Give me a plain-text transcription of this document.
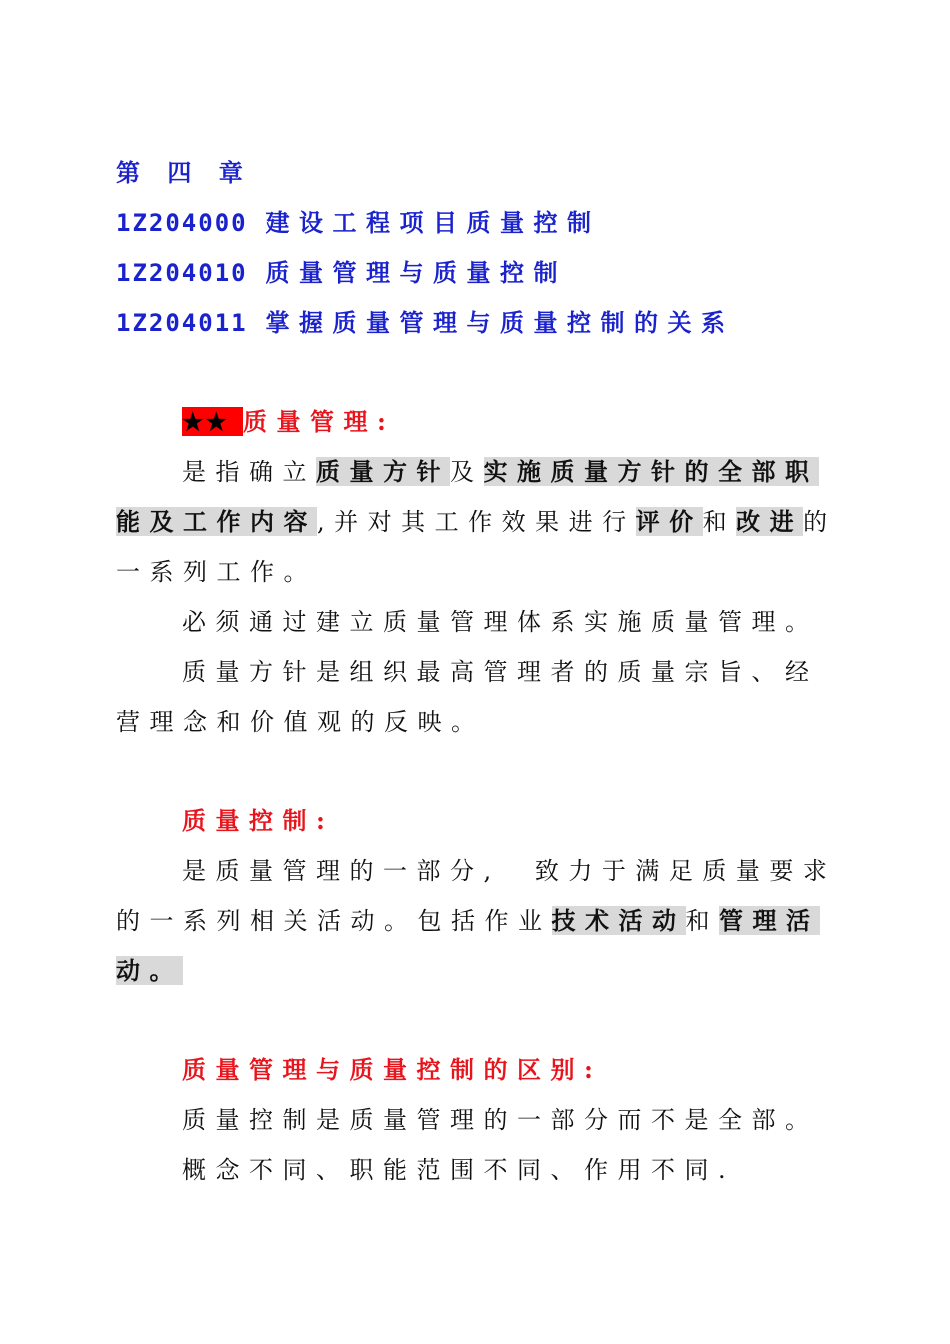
第 四 章
1Z204000 建设工程项目质量控制
1Z204010 质量管理与质量控制
1Z204011 掌握质量管理与质量控制的关系
★★ 质量管理:
是指确立质量方针及实施质量方针的全部职
能及工作内容,并对其工作效果进行评价和改进的
一系列工作。
必须通过建立质量管理体系实施质量管理。
质量方针是组织最高管理者的质量宗旨、经
营理念和价值观的反映。
质量控制:
是质量管理的一部分,  致力于满足质量要求
的一系列相关活动。包括作业技术活动和管理活
动。
质量管理与质量控制的区别:
质量控制是质量管理的一部分而不是全部。
概念不同、职能范围不同、作用不同.
